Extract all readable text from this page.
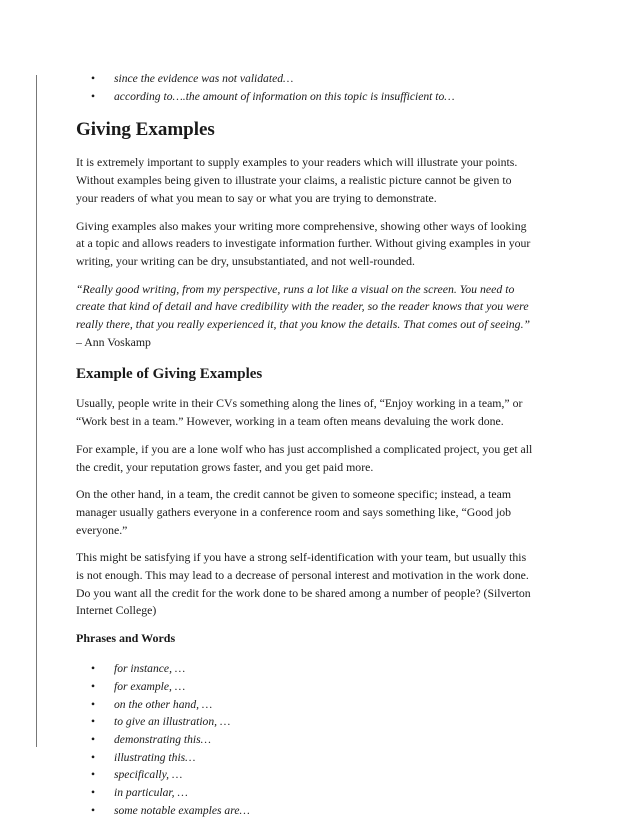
• since the evidence was not validated…
• according to….the amount of information on this topic is insufficient to…
Giving Examples

It is extremely important to supply examples to your readers which will illustrate your points.
Without examples being given to illustrate your claims, a realistic picture cannot be given to
your readers of what you mean to say or what you are trying to demonstrate.

Giving examples also makes your writing more comprehensive, showing other ways of looking
at a topic and allows readers to investigate information further. Without giving examples in your
writing, your writing can be dry, unsubstantiated, and not well-rounded.

“Really good writing, from my perspective, runs a lot like a visual on the screen. You need to
create that kind of detail and have credibility with the reader, so the reader knows that you were
really there, that you really experienced it, that you know the details. That comes out of seeing.”
– Ann Voskamp

Example of Giving Examples

Usually, people write in their CVs something along the lines of, “Enjoy working in a team,” or
“Work best in a team.” However, working in a team often means devaluing the work done.

For example, if you are a lone wolf who has just accomplished a complicated project, you get all
the credit, your reputation grows faster, and you get paid more.

On the other hand, in a team, the credit cannot be given to someone specific; instead, a team
manager usually gathers everyone in a conference room and says something like, “Good job
everyone.”

This might be satisfying if you have a strong self-identification with your team, but usually this
is not enough. This may lead to a decrease of personal interest and motivation in the work done.
Do you want all the credit for the work done to be shared among a number of people? (Silverton
Internet College)

Phrases and Words
• for instance, …
• for example, …
• on the other hand, …
• to give an illustration, …
• demonstrating this…
• illustrating this…
• specifically, …
• in particular, …
• some notable examples are…
